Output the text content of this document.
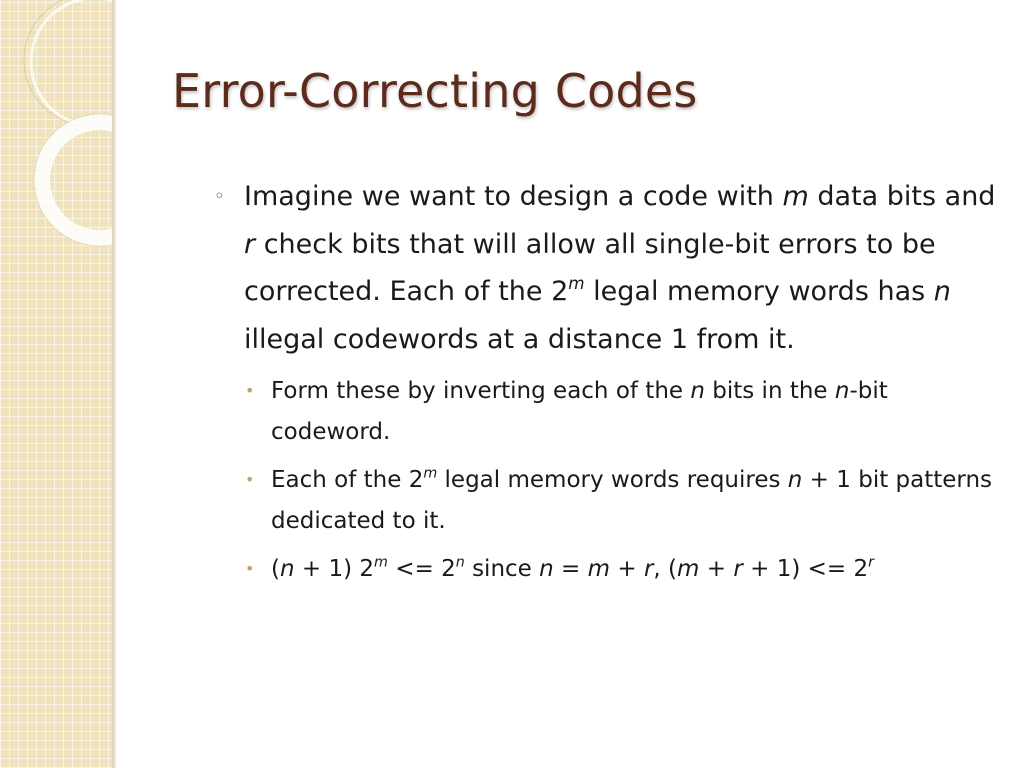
Error-Correcting Codes
◦ Imagine we want to design a code with m data bits and r check bits that will allow all single-bit errors to be corrected. Each of the 2$^m$ legal memory words has n illegal codewords at a distance 1 from it.
• Form these by inverting each of the n bits in the n-bit codeword.
• Each of the 2$^m$ legal memory words requires n + 1 bit patterns dedicated to it.
• (n + 1) $2^m <= 2^n$ since n = m + r, $(m + r + 1) <= 2^r$
